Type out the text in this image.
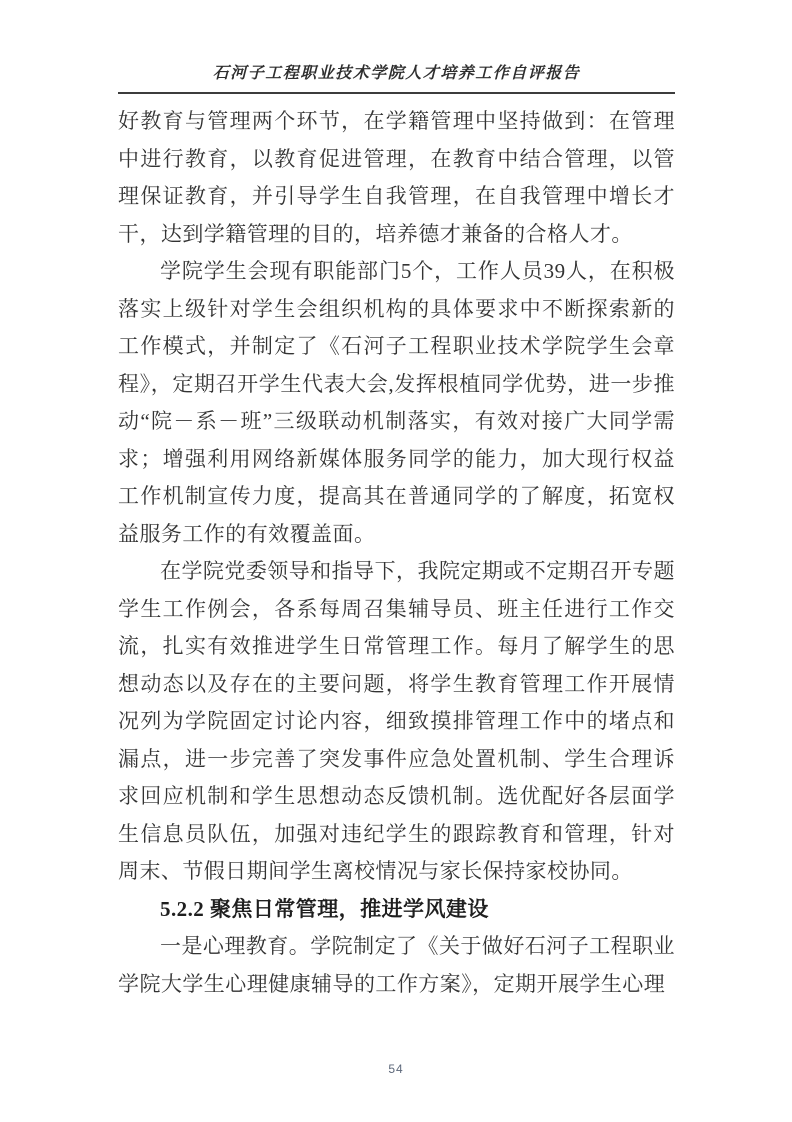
石河子工程职业技术学院人才培养工作自评报告

好教育与管理两个环节，在学籍管理中坚持做到：在管理中进行教育，以教育促进管理，在教育中结合管理，以管理保证教育，并引导学生自我管理，在自我管理中增长才干，达到学籍管理的目的，培养德才兼备的合格人才。

学院学生会现有职能部门5个，工作人员39人，在积极落实上级针对学生会组织机构的具体要求中不断探索新的工作模式，并制定了《石河子工程职业技术学院学生会章程》，定期召开学生代表大会,发挥根植同学优势，进一步推动“院－系－班”三级联动机制落实，有效对接广大同学需求；增强利用网络新媒体服务同学的能力，加大现行权益工作机制宣传力度，提高其在普通同学的了解度，拓宽权益服务工作的有效覆盖面。

在学院党委领导和指导下，我院定期或不定期召开专题学生工作例会，各系每周召集辅导员、班主任进行工作交流，扎实有效推进学生日常管理工作。每月了解学生的思想动态以及存在的主要问题，将学生教育管理工作开展情况列为学院固定讨论内容，细致摸排管理工作中的堵点和漏点，进一步完善了突发事件应急处置机制、学生合理诉求回应机制和学生思想动态反馈机制。选优配好各层面学生信息员队伍，加强对违纪学生的跟踪教育和管理，针对周末、节假日期间学生离校情况与家长保持家校协同。

5.2.2 聚焦日常管理，推进学风建设

一是心理教育。学院制定了《关于做好石河子工程职业学院大学生心理健康辅导的工作方案》，定期开展学生心理

54
